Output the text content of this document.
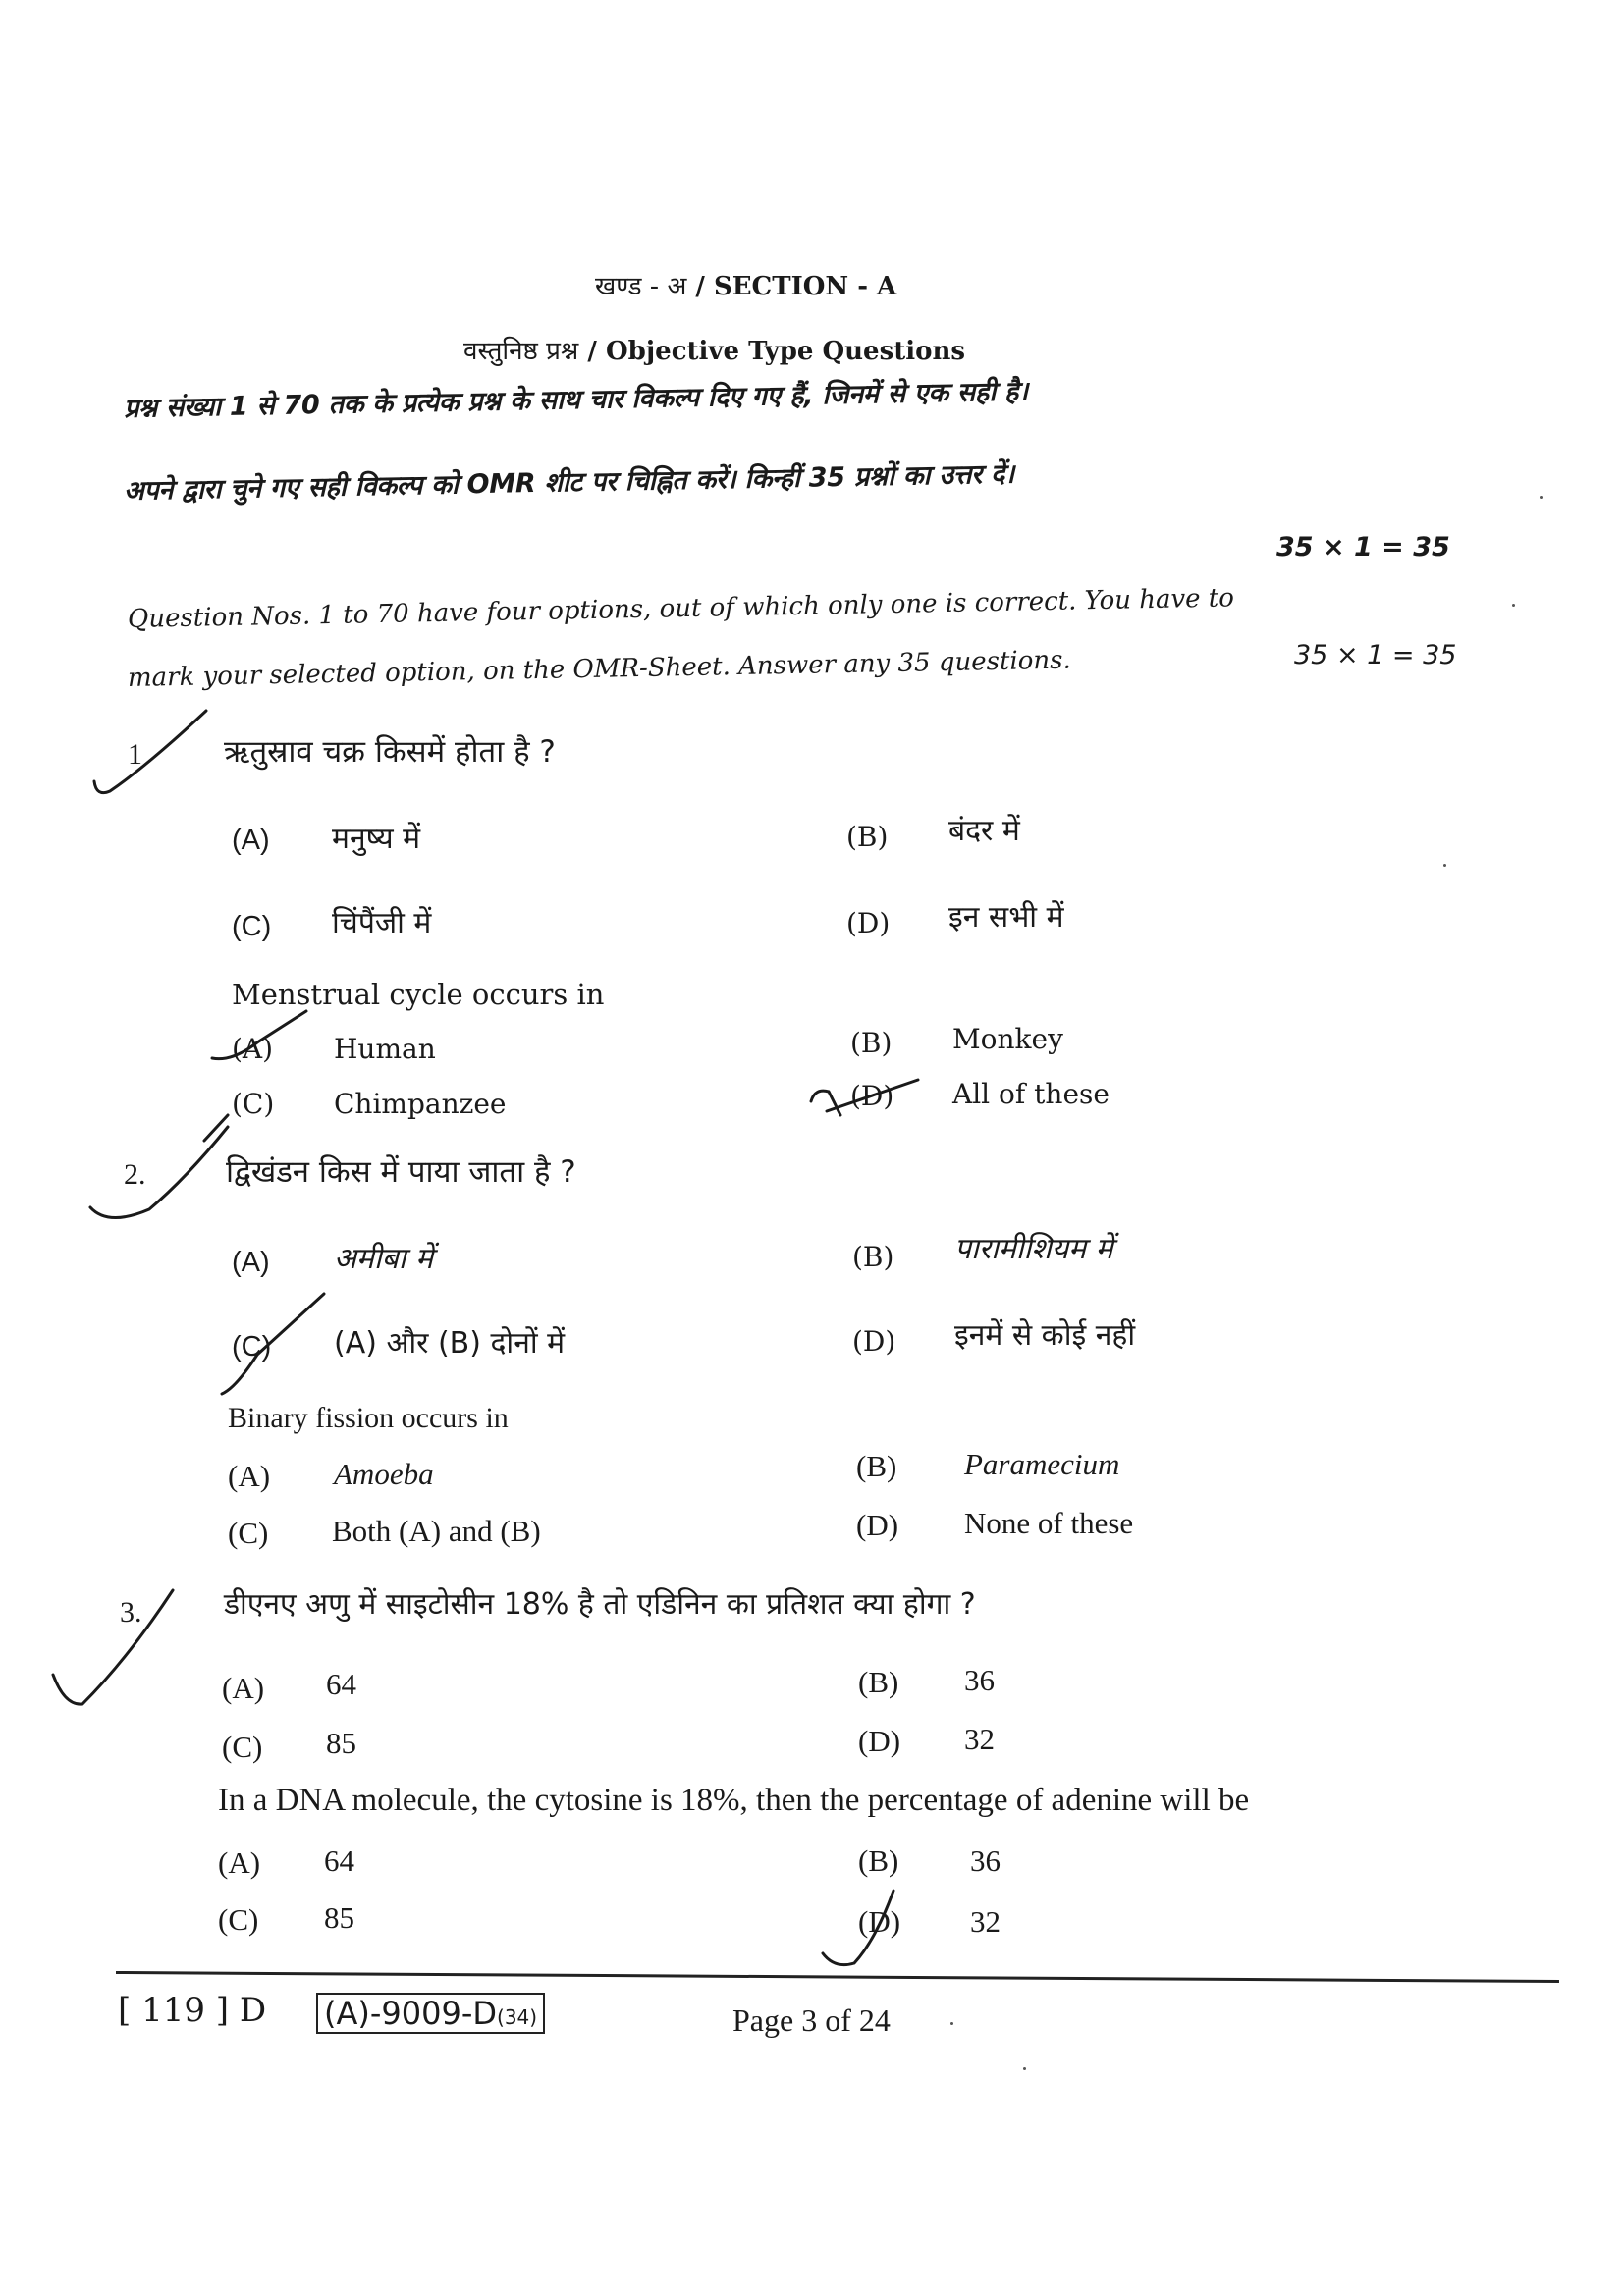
खण्ड - अ / SECTION - A
वस्तुनिष्ठ प्रश्न / Objective Type Questions
प्रश्न संख्या 1 से 70 तक के प्रत्येक प्रश्न के साथ चार विकल्प दिए गए हैं, जिनमें से एक सही है।
अपने द्वारा चुने गए सही विकल्प को OMR शीट पर चिह्नित करें। किन्हीं 35 प्रश्नों का उत्तर दें।
35 × 1 = 35
Question Nos. 1 to 70 have four options, out of which only one is correct. You have to
mark your selected option, on the OMR-Sheet. Answer any 35 questions.	35 × 1 = 35
1	ऋतुस्राव चक्र किसमें होता है ?
(A) मनुष्य में	(B) बंदर में
(C) चिंपैंजी में	(D) इन सभी में
Menstrual cycle occurs in
(A) Human	(B) Monkey
(C) Chimpanzee	(D) All of these
2.	द्विखंडन किस में पाया जाता है ?
(A) अमीबा में	(B) पारामीशियम में
(C) (A) और (B) दोनों में	(D) इनमें से कोई नहीं
Binary fission occurs in
(A) Amoeba	(B) Paramecium
(C) Both (A) and (B)	(D) None of these
3.	डीएनए अणु में साइटोसीन 18% है तो एडिनिन का प्रतिशत क्या होगा ?
(A) 64	(B) 36
(C) 85	(D) 32
In a DNA molecule, the cytosine is 18%, then the percentage of adenine will be
(A) 64	(B) 36
(C) 85	(D) 32
[ 119 ] D (A)-9009-D(34)	Page 3 of 24
